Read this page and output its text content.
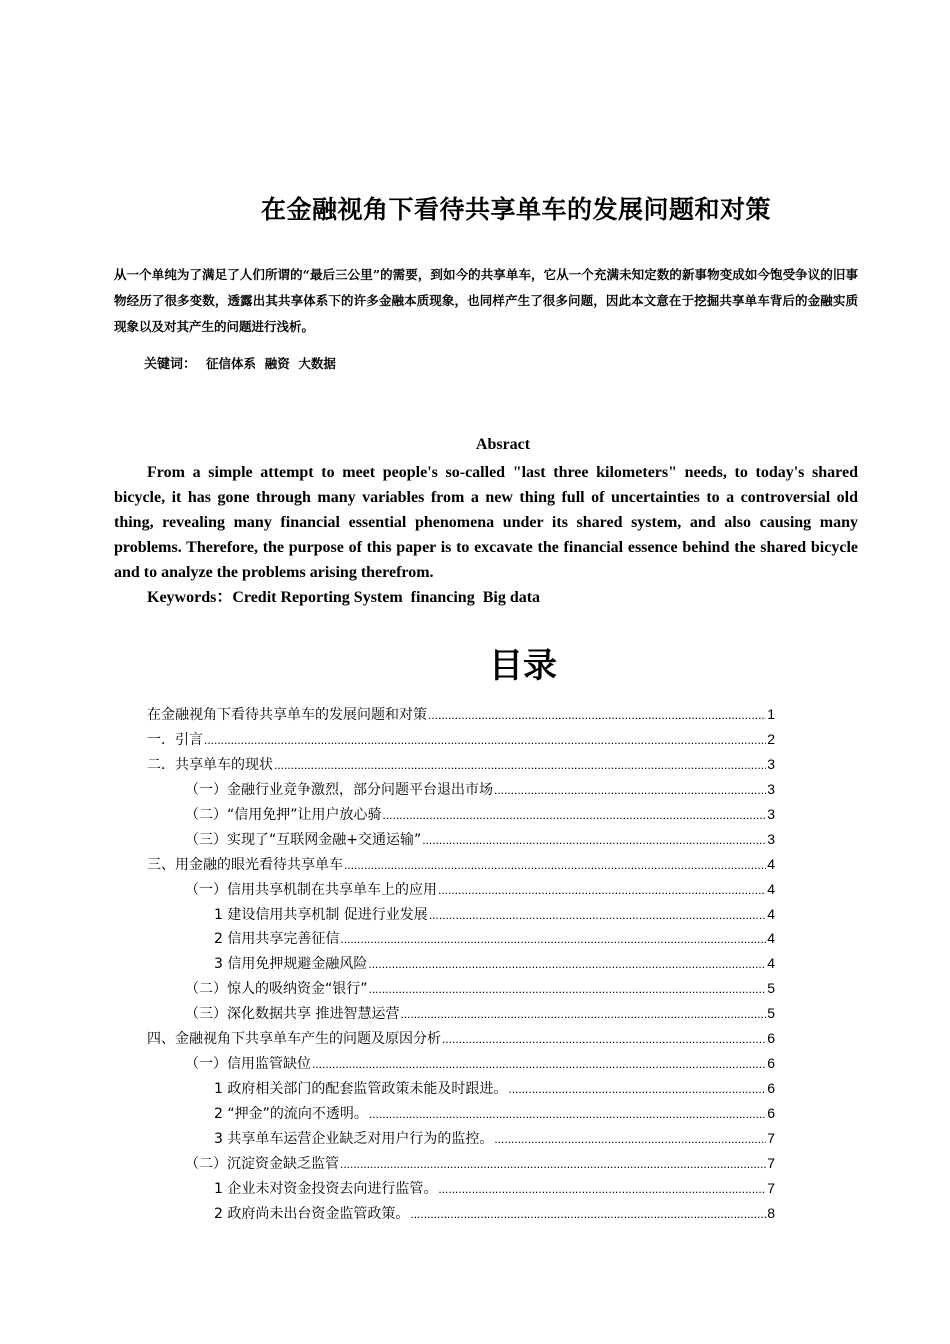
在金融视角下看待共享单车的发展问题和对策
从一个单纯为了满足了人们所谓的“最后三公里”的需要，到如今的共享单车，它从一个充满未知定数的新事物变成如今饱受争议的旧事物经历了很多变数，透露出其共享体系下的许多金融本质现象，也同样产生了很多问题，因此本文意在于挖掘共享单车背后的金融实质现象以及对其产生的问题进行浅析。
关键词： 征信体系  融资  大数据
Absract

From a simple attempt to meet people's so-called "last three kilometers" needs, to today's shared bicycle, it has gone through many variables from a new thing full of uncertainties to a controversial old thing, revealing many financial essential phenomena under its shared system, and also causing many problems. Therefore, the purpose of this paper is to excavate the financial essence behind the shared bicycle and to analyze the problems arising therefrom.

Keywords：Credit Reporting System  financing  Big data
目录
在金融视角下看待共享单车的发展问题和对策 .....	1
一．引言 .....	2
二．共享单车的现状 .....	3
（一）金融行业竞争激烈，部分问题平台退出市场 .....	3
（二）“信用免押”让用户放心骑 .....	3
（三）实现了“互联网金融+交通运输” .....	3
三、用金融的眼光看待共享单车 .....	4
（一）信用共享机制在共享单车上的应用 .....	4
1 建设信用共享机制 促进行业发展 .....	4
2 信用共享完善征信 .....	4
3 信用免押规避金融风险 .....	4
（二）惊人的吸纳资金“银行” .....	5
（三）深化数据共享 推进智慧运营 .....	5
四、金融视角下共享单车产生的问题及原因分析 .....	6
（一）信用监管缺位 .....	6
1 政府相关部门的配套监管政策未能及时跟进。 .....	6
2 “押金”的流向不透明。 .....	6
3 共享单车运营企业缺乏对用户行为的监控。 .....	7
（二）沉淀资金缺乏监管 .....	7
1 企业未对资金投资去向进行监管。 .....	7
2 政府尚未出台资金监管政策。 .....	8
